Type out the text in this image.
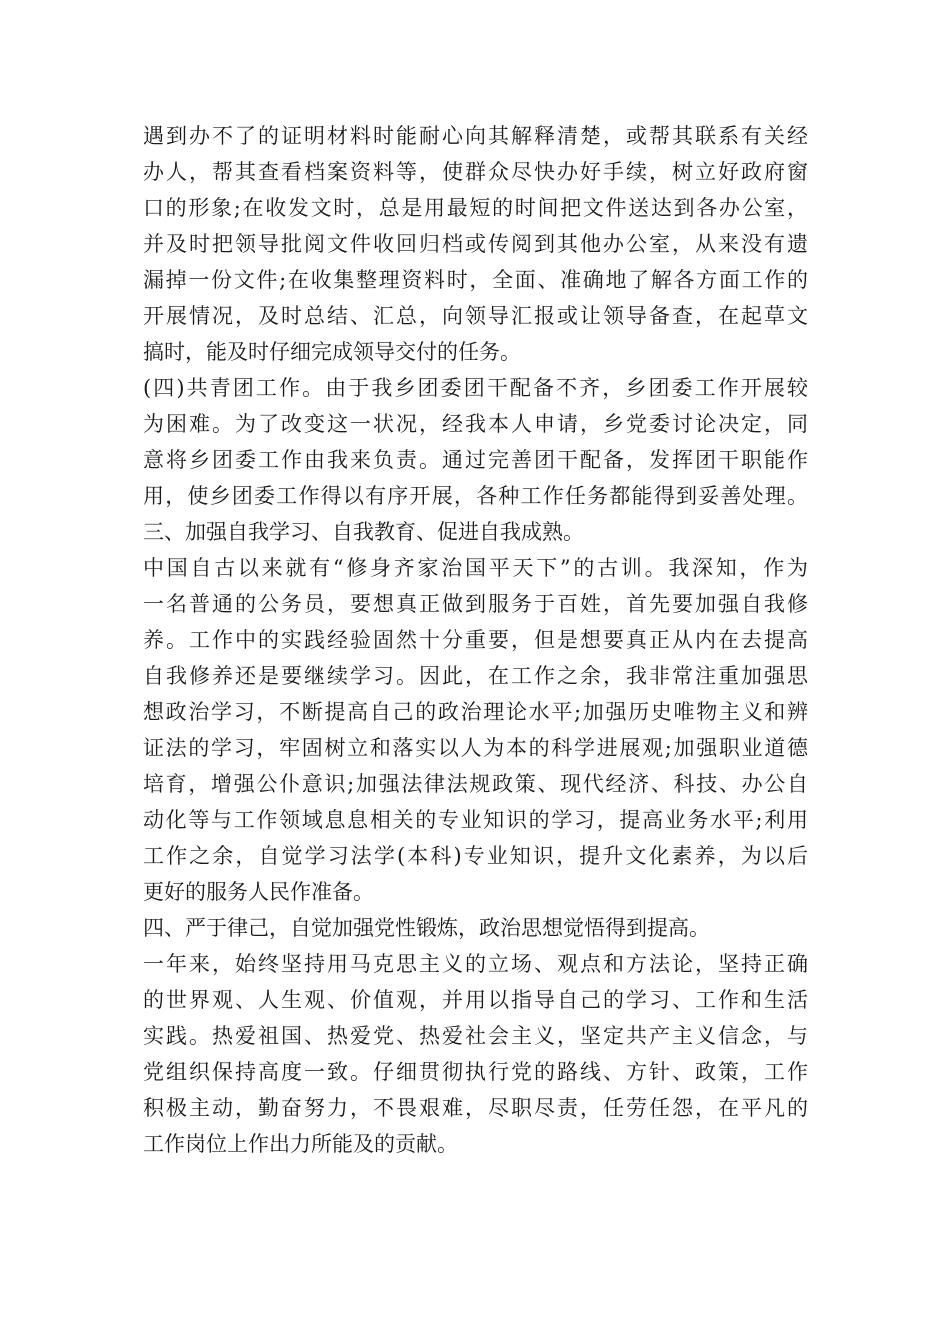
遇到办不了的证明材料时能耐心向其解释清楚，或帮其联系有关经
办人，帮其查看档案资料等，使群众尽快办好手续，树立好政府窗
口的形象;在收发文时，总是用最短的时间把文件送达到各办公室，
并及时把领导批阅文件收回归档或传阅到其他办公室，从来没有遗
漏掉一份文件;在收集整理资料时，全面、准确地了解各方面工作的
开展情况，及时总结、汇总，向领导汇报或让领导备查，在起草文
搞时，能及时仔细完成领导交付的任务。
(四)共青团工作。由于我乡团委团干配备不齐，乡团委工作开展较
为困难。为了改变这一状况，经我本人申请，乡党委讨论决定，同
意将乡团委工作由我来负责。通过完善团干配备，发挥团干职能作
用，使乡团委工作得以有序开展，各种工作任务都能得到妥善处理。
三、加强自我学习、自我教育、促进自我成熟。
中国自古以来就有“修身齐家治国平天下”的古训。我深知，作为
一名普通的公务员，要想真正做到服务于百姓，首先要加强自我修
养。工作中的实践经验固然十分重要，但是想要真正从内在去提高
自我修养还是要继续学习。因此，在工作之余，我非常注重加强思
想政治学习，不断提高自己的政治理论水平;加强历史唯物主义和辨
证法的学习，牢固树立和落实以人为本的科学进展观;加强职业道德
培育，增强公仆意识;加强法律法规政策、现代经济、科技、办公自
动化等与工作领域息息相关的专业知识的学习，提高业务水平;利用
工作之余，自觉学习法学(本科)专业知识，提升文化素养，为以后
更好的服务人民作准备。
四、严于律己，自觉加强党性锻炼，政治思想觉悟得到提高。
一年来，始终坚持用马克思主义的立场、观点和方法论，坚持正确
的世界观、人生观、价值观，并用以指导自己的学习、工作和生活
实践。热爱祖国、热爱党、热爱社会主义，坚定共产主义信念，与
党组织保持高度一致。仔细贯彻执行党的路线、方针、政策，工作
积极主动，勤奋努力，不畏艰难，尽职尽责，任劳任怨，在平凡的
工作岗位上作出力所能及的贡献。
